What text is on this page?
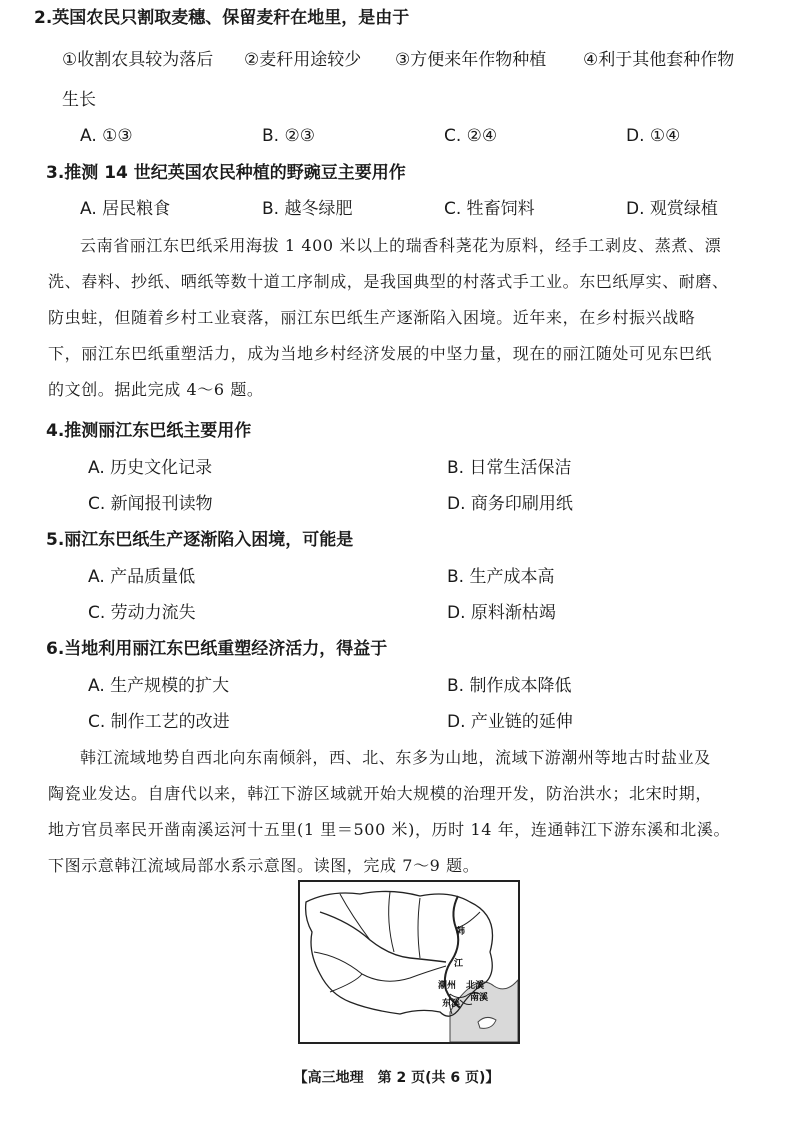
2.英国农民只割取麦穗、保留麦秆在地里，是由于
①收割农具较为落后 ②麦秆用途较少 ③方便来年作物种植 ④利于其他套种作物
生长
A. ①③	B. ②③	C. ②④	D. ①④
3.推测 14 世纪英国农民种植的野豌豆主要用作
A. 居民粮食	B. 越冬绿肥	C. 牲畜饲料	D. 观赏绿植
云南省丽江东巴纸采用海拔 1 400 米以上的瑞香科荛花为原料，经手工剥皮、蒸煮、漂
洗、舂料、抄纸、晒纸等数十道工序制成，是我国典型的村落式手工业。东巴纸厚实、耐磨、
防虫蛀，但随着乡村工业衰落，丽江东巴纸生产逐渐陷入困境。近年来，在乡村振兴战略
下，丽江东巴纸重塑活力，成为当地乡村经济发展的中坚力量，现在的丽江随处可见东巴纸
的文创。据此完成 4～6 题。
4.推测丽江东巴纸主要用作
A. 历史文化记录	B. 日常生活保洁
C. 新闻报刊读物	D. 商务印刷用纸
5.丽江东巴纸生产逐渐陷入困境，可能是
A. 产品质量低	B. 生产成本高
C. 劳动力流失	D. 原料渐枯竭
6.当地利用丽江东巴纸重塑经济活力，得益于
A. 生产规模的扩大	B. 制作成本降低
C. 制作工艺的改进	D. 产业链的延伸
韩江流域地势自西北向东南倾斜，西、北、东多为山地，流域下游潮州等地古时盐业及
陶瓷业发达。自唐代以来，韩江下游区域就开始大规模的治理开发，防治洪水；北宋时期，
地方官员率民开凿南溪运河十五里(1 里＝500 米)，历时 14 年，连通韩江下游东溪和北溪。
下图示意韩江流域局部水系示意图。读图，完成 7～9 题。
韩
江
潮州 北溪
南溪
东溪
【高三地理　第 2 页(共 6 页)】
